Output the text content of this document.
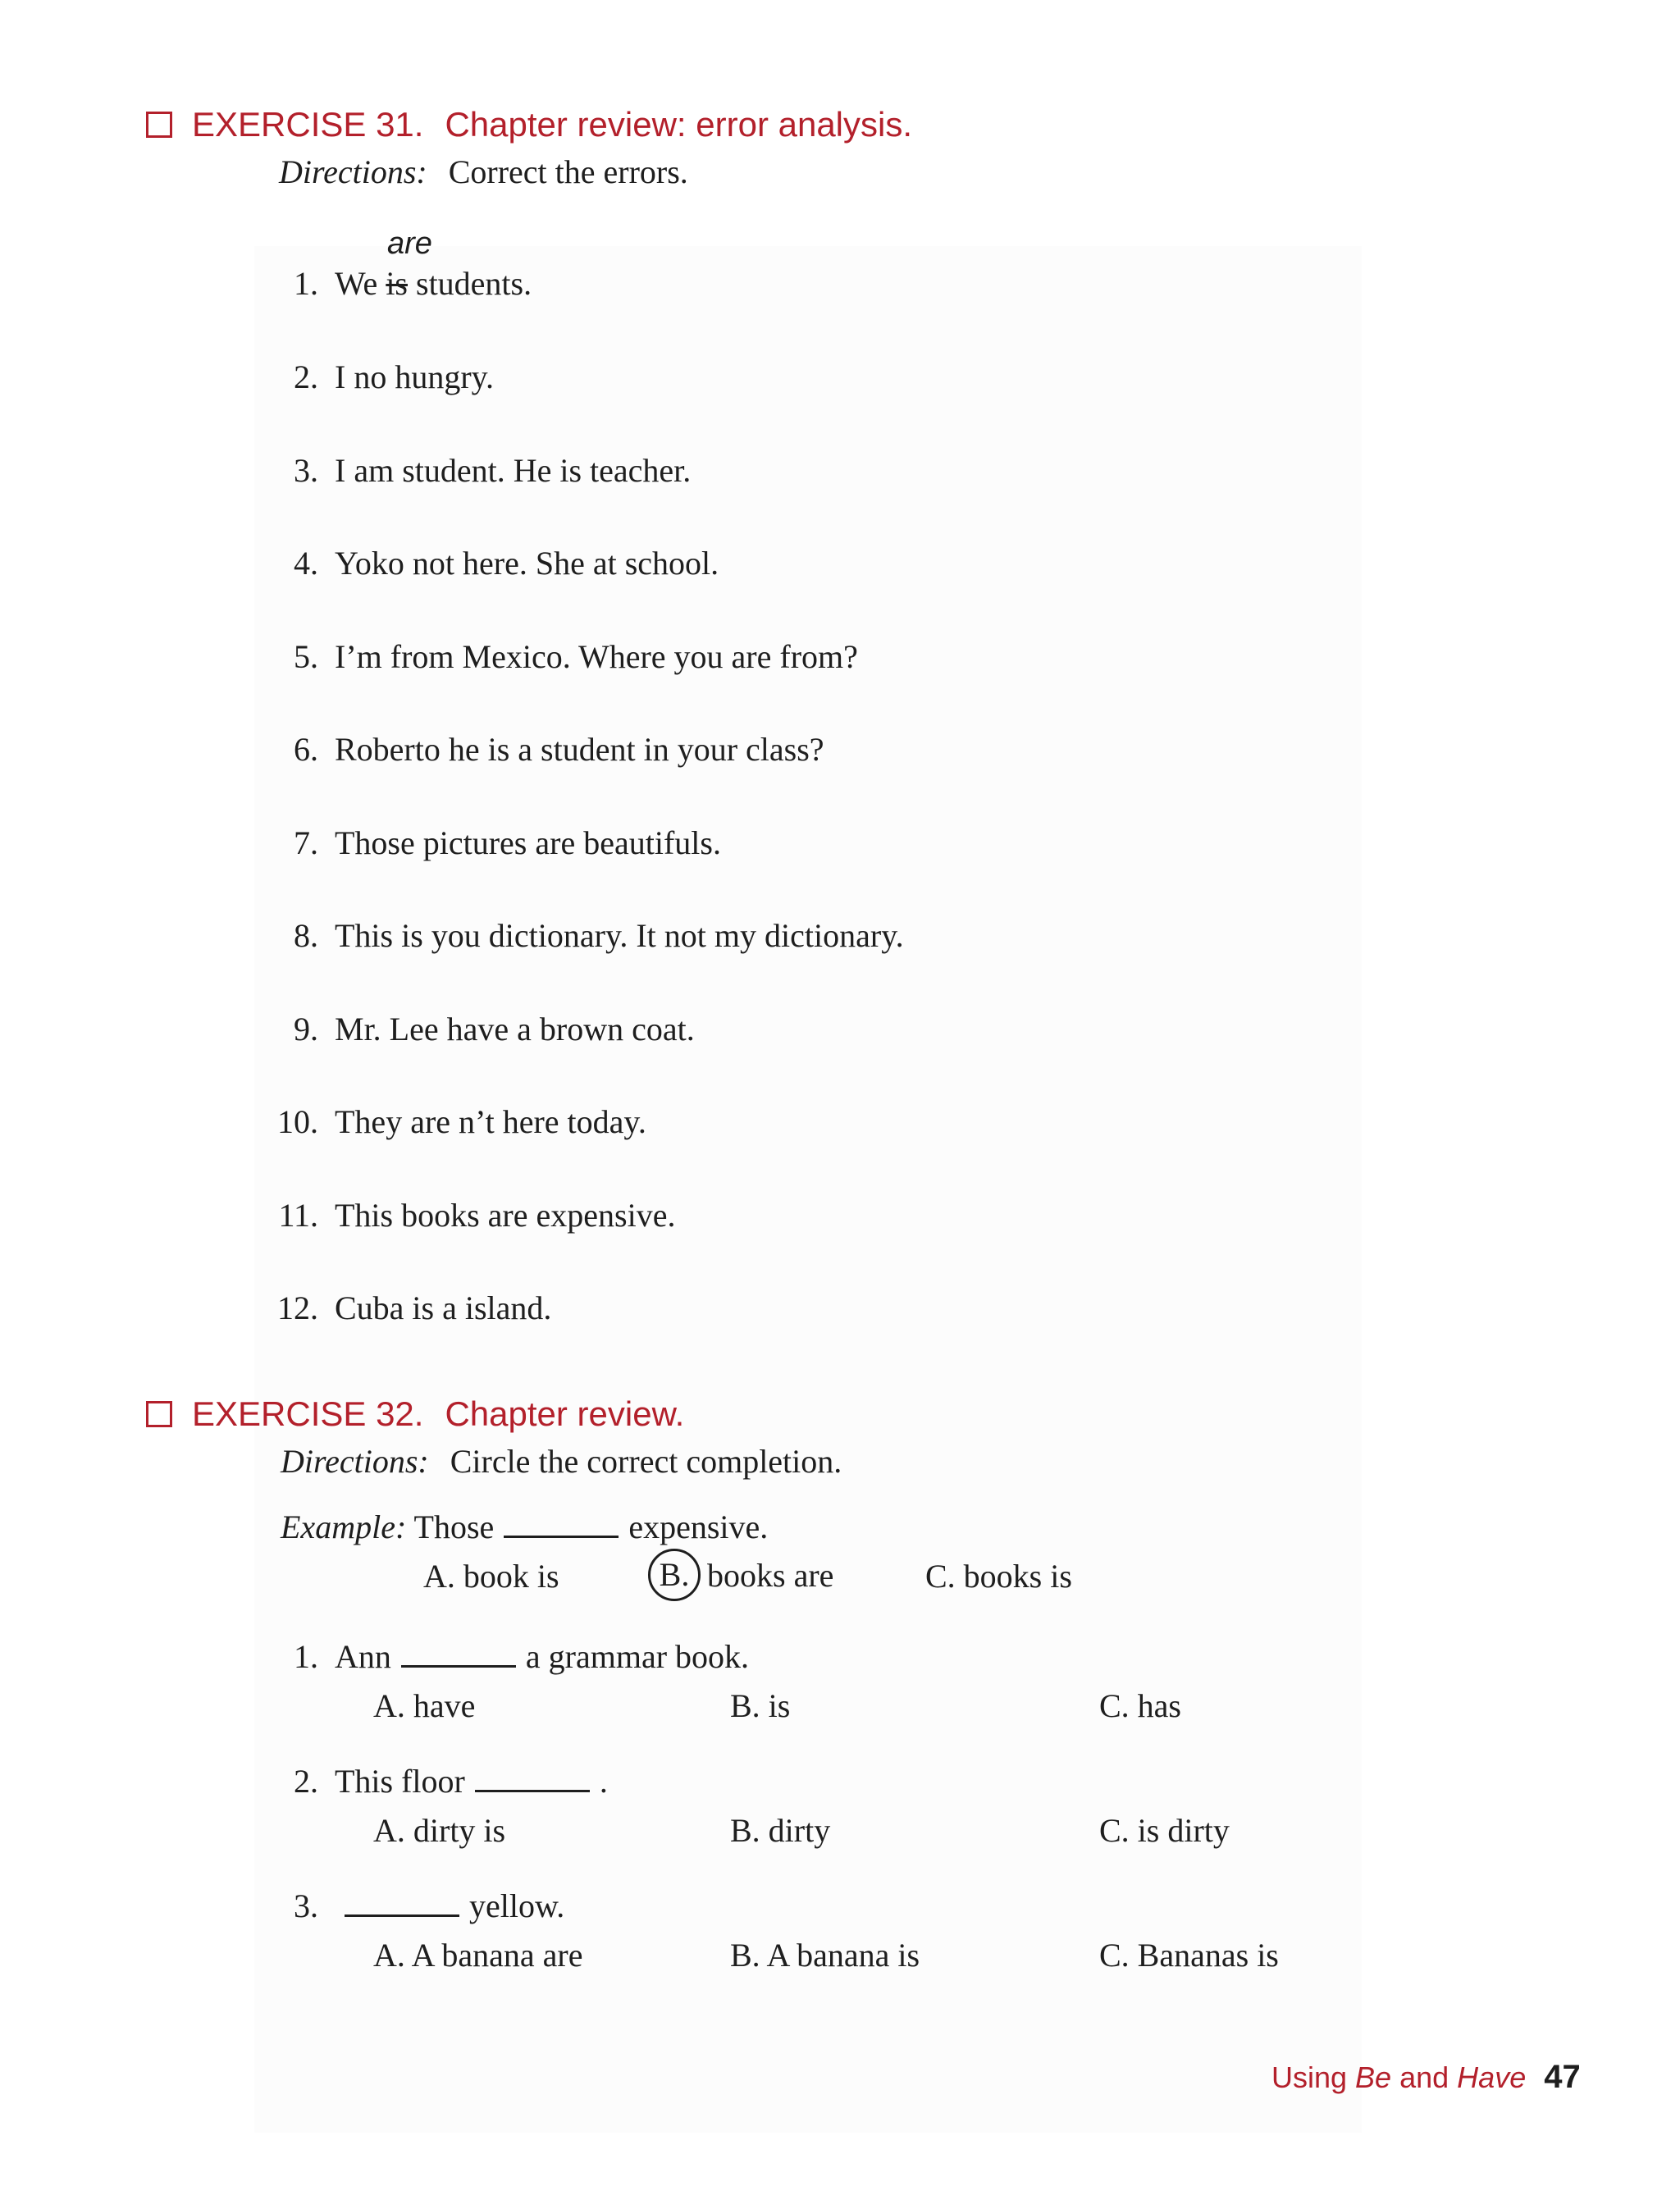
EXERCISE 31. Chapter review: error analysis.
Directions: Correct the errors.
are
1. We is students.
2. I no hungry.
3. I am student. He is teacher.
4. Yoko not here. She at school.
5. I’m from Mexico. Where you are from?
6. Roberto he is a student in your class?
7. Those pictures are beautifuls.
8. This is you dictionary. It not my dictionary.
9. Mr. Lee have a brown coat.
10. They are n’t here today.
11. This books are expensive.
12. Cuba is a island.
EXERCISE 32. Chapter review.
Directions: Circle the correct completion.
Example: Those	expensive.
A. book is	B. books are	C. books is
1. Ann	a grammar book.
A. have	B. is	C. has
2. This floor	.
A. dirty is	B. dirty	C. is dirty
3.	yellow.
A. A banana are	B. A banana is	C. Bananas is
Using Be and Have 47
